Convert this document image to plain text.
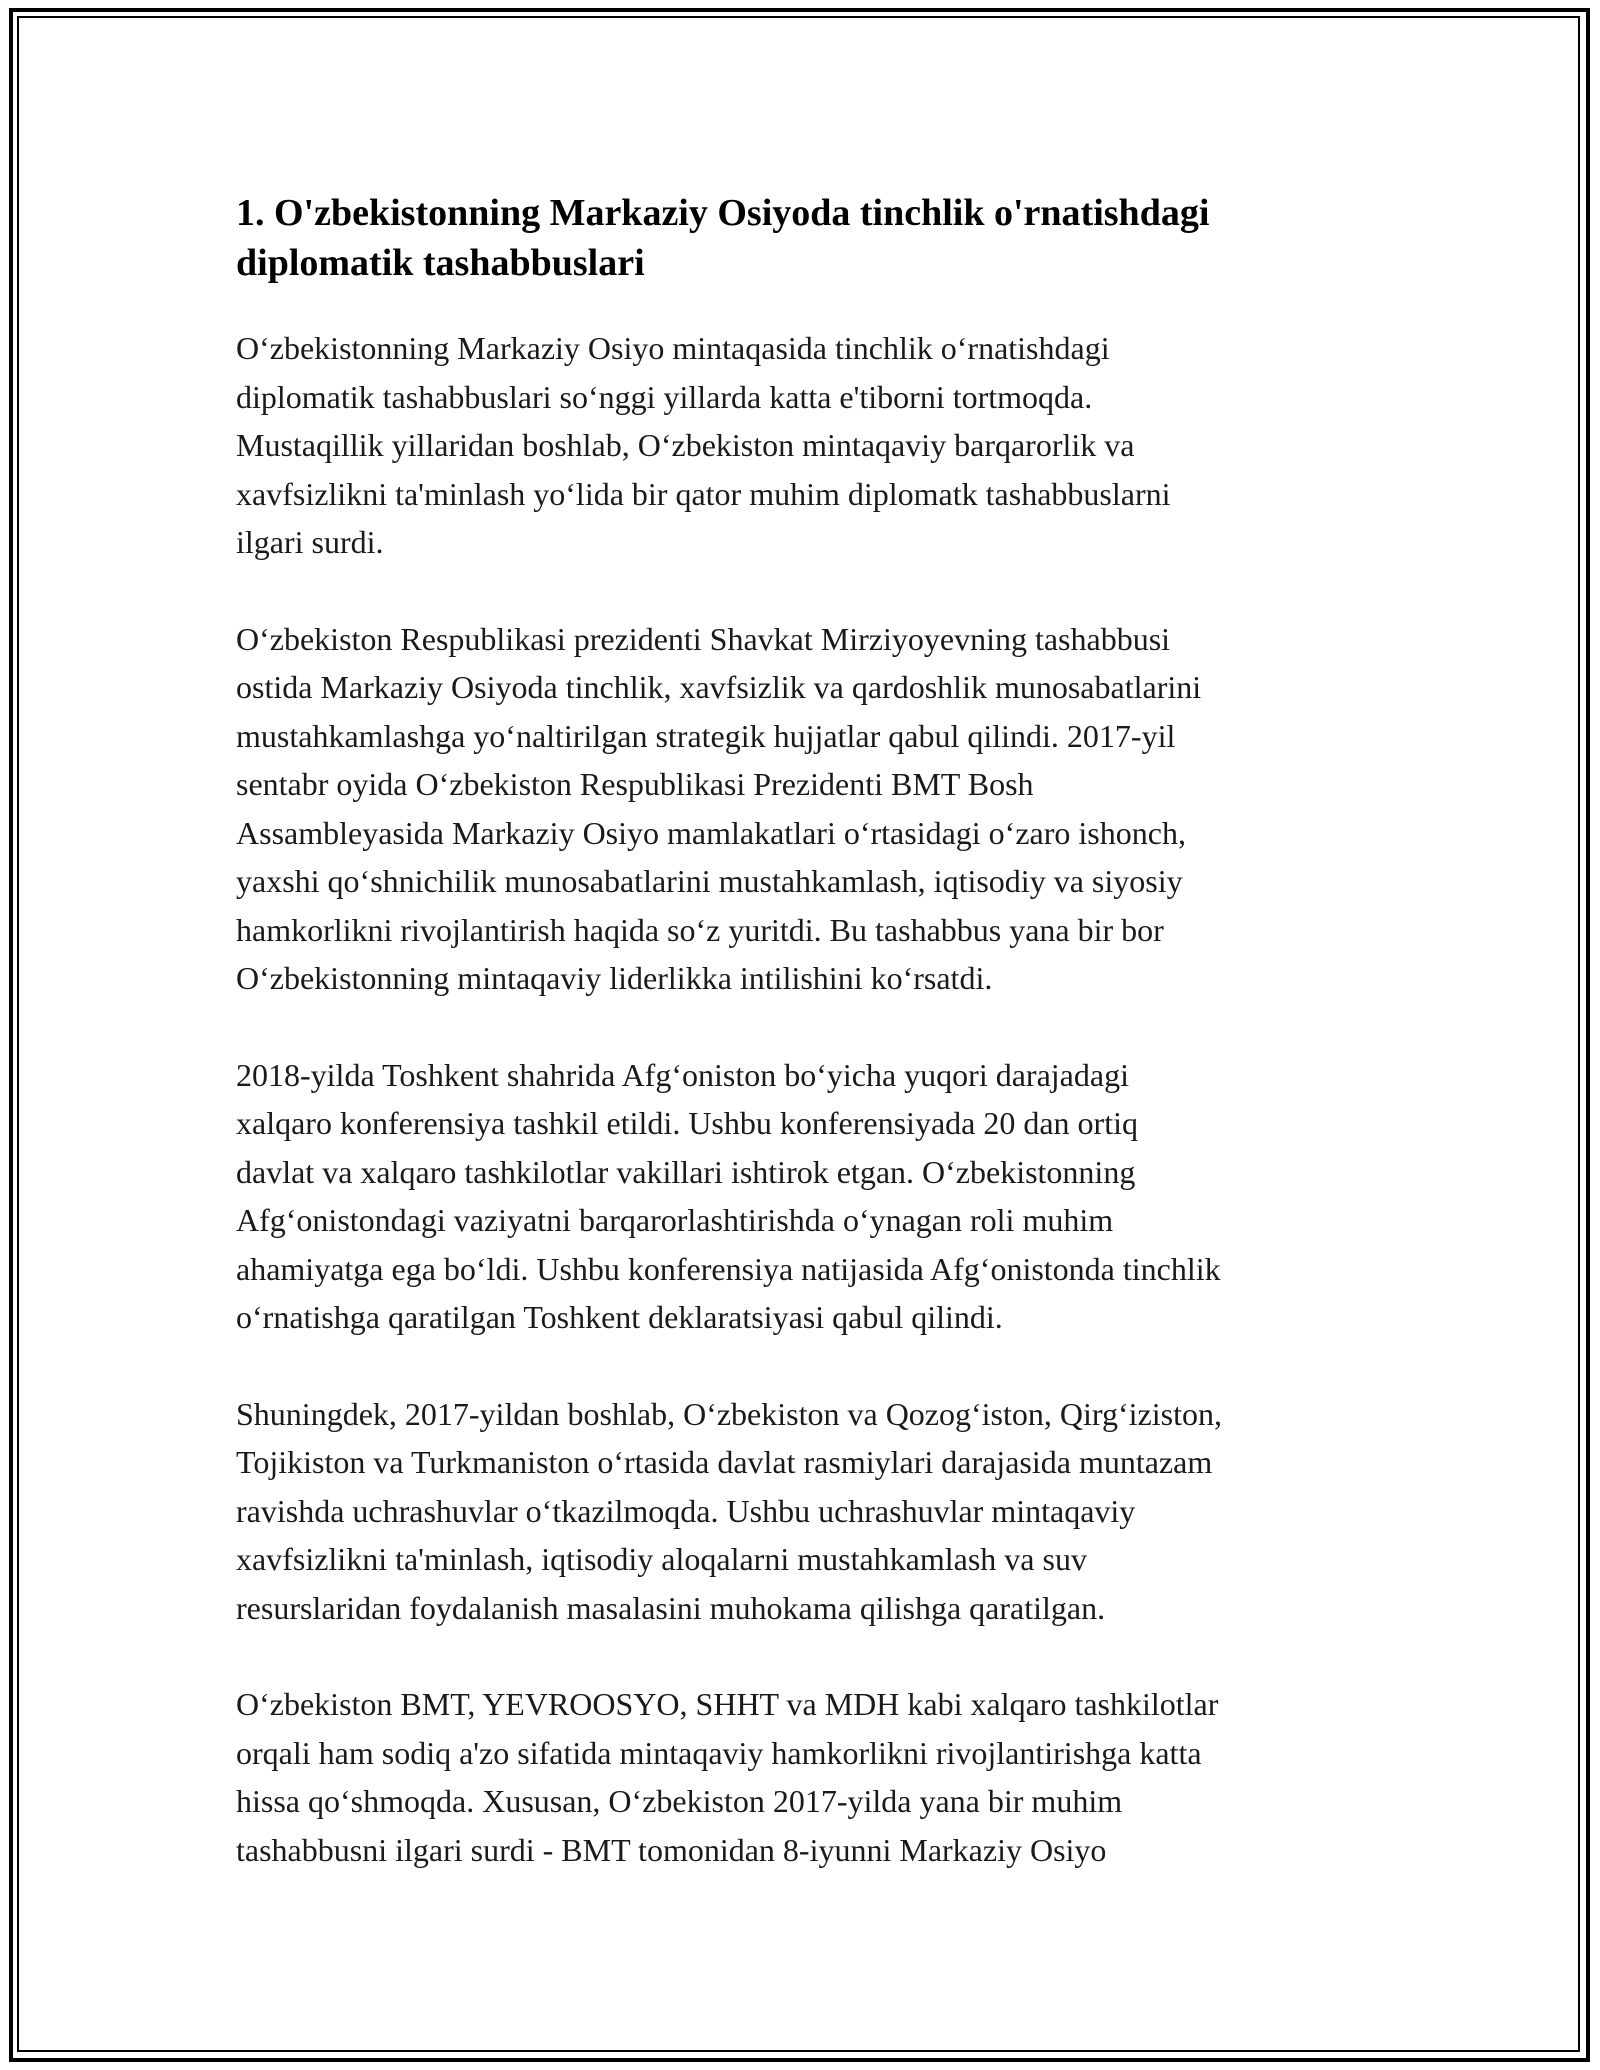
1. O'zbekistonning Markaziy Osiyoda tinchlik o'rnatishdagi
diplomatik tashabbuslari

O‘zbekistonning Markaziy Osiyo mintaqasida tinchlik o‘rnatishdagi
diplomatik tashabbuslari so‘nggi yillarda katta e'tiborni tortmoqda.
Mustaqillik yillaridan boshlab, O‘zbekiston mintaqaviy barqarorlik va
xavfsizlikni ta'minlash yo‘lida bir qator muhim diplomatk tashabbuslarni
ilgari surdi.

O‘zbekiston Respublikasi prezidenti Shavkat Mirziyoyevning tashabbusi
ostida Markaziy Osiyoda tinchlik, xavfsizlik va qardoshlik munosabatlarini
mustahkamlashga yo‘naltirilgan strategik hujjatlar qabul qilindi. 2017-yil
sentabr oyida O‘zbekiston Respublikasi Prezidenti BMT Bosh
Assambleyasida Markaziy Osiyo mamlakatlari o‘rtasidagi o‘zaro ishonch,
yaxshi qo‘shnichilik munosabatlarini mustahkamlash, iqtisodiy va siyosiy
hamkorlikni rivojlantirish haqida so‘z yuritdi. Bu tashabbus yana bir bor
O‘zbekistonning mintaqaviy liderlikka intilishini ko‘rsatdi.

2018-yilda Toshkent shahrida Afg‘oniston bo‘yicha yuqori darajadagi
xalqaro konferensiya tashkil etildi. Ushbu konferensiyada 20 dan ortiq
davlat va xalqaro tashkilotlar vakillari ishtirok etgan. O‘zbekistonning
Afg‘onistondagi vaziyatni barqarorlashtirishda o‘ynagan roli muhim
ahamiyatga ega bo‘ldi. Ushbu konferensiya natijasida Afg‘onistonda tinchlik
o‘rnatishga qaratilgan Toshkent deklaratsiyasi qabul qilindi.

Shuningdek, 2017-yildan boshlab, O‘zbekiston va Qozog‘iston, Qirg‘iziston,
Tojikiston va Turkmaniston o‘rtasida davlat rasmiylari darajasida muntazam
ravishda uchrashuvlar o‘tkazilmoqda. Ushbu uchrashuvlar mintaqaviy
xavfsizlikni ta'minlash, iqtisodiy aloqalarni mustahkamlash va suv
resurslaridan foydalanish masalasini muhokama qilishga qaratilgan.

O‘zbekiston BMT, YEVROOSYO, SHHT va MDH kabi xalqaro tashkilotlar
orqali ham sodiq a'zo sifatida mintaqaviy hamkorlikni rivojlantirishga katta
hissa qo‘shmoqda. Xususan, O‘zbekiston 2017-yilda yana bir muhim
tashabbusni ilgari surdi - BMT tomonidan 8-iyunni Markaziy Osiyo
